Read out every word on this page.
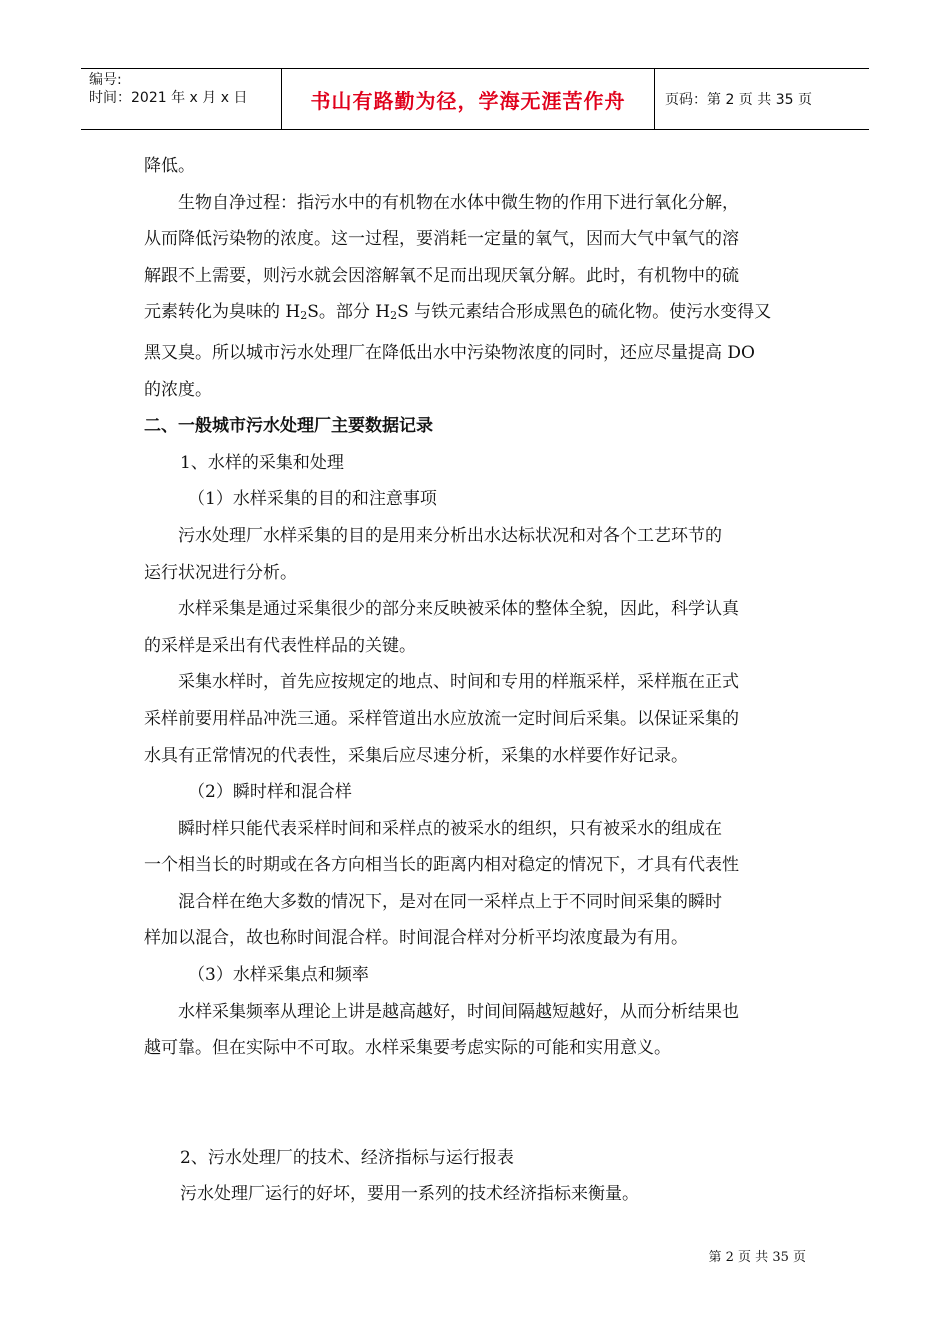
编号:
时间：2021 年 x 月 x 日	书山有路勤为径，学海无涯苦作舟	页码：第 2 页 共 35 页

降低。

生物自净过程：指污水中的有机物在水体中微生物的作用下进行氧化分解，

从而降低污染物的浓度。这一过程，要消耗一定量的氧气，因而大气中氧气的溶

解跟不上需要，则污水就会因溶解氧不足而出现厌氧分解。此时，有机物中的硫

元素转化为臭味的 $H_2S$。部分 $H_2S$ 与铁元素结合形成黑色的硫化物。使污水变得又

黑又臭。所以城市污水处理厂在降低出水中污染物浓度的同时，还应尽量提高 DO

的浓度。

二、一般城市污水处理厂主要数据记录

1、水样的采集和处理

（1）水样采集的目的和注意事项

污水处理厂水样采集的目的是用来分析出水达标状况和对各个工艺环节的

运行状况进行分析。

水样采集是通过采集很少的部分来反映被采体的整体全貌，因此，科学认真

的采样是采出有代表性样品的关键。

采集水样时，首先应按规定的地点、时间和专用的样瓶采样，采样瓶在正式

采样前要用样品冲洗三通。采样管道出水应放流一定时间后采集。以保证采集的

水具有正常情况的代表性，采集后应尽速分析，采集的水样要作好记录。

（2）瞬时样和混合样

瞬时样只能代表采样时间和采样点的被采水的组织，只有被采水的组成在

一个相当长的时期或在各方向相当长的距离内相对稳定的情况下，才具有代表性

混合样在绝大多数的情况下，是对在同一采样点上于不同时间采集的瞬时

样加以混合，故也称时间混合样。时间混合样对分析平均浓度最为有用。

（3）水样采集点和频率

水样采集频率从理论上讲是越高越好，时间间隔越短越好，从而分析结果也

越可靠。但在实际中不可取。水样采集要考虑实际的可能和实用意义。

2、污水处理厂的技术、经济指标与运行报表

污水处理厂运行的好坏，要用一系列的技术经济指标来衡量。

第 2 页 共 35 页
